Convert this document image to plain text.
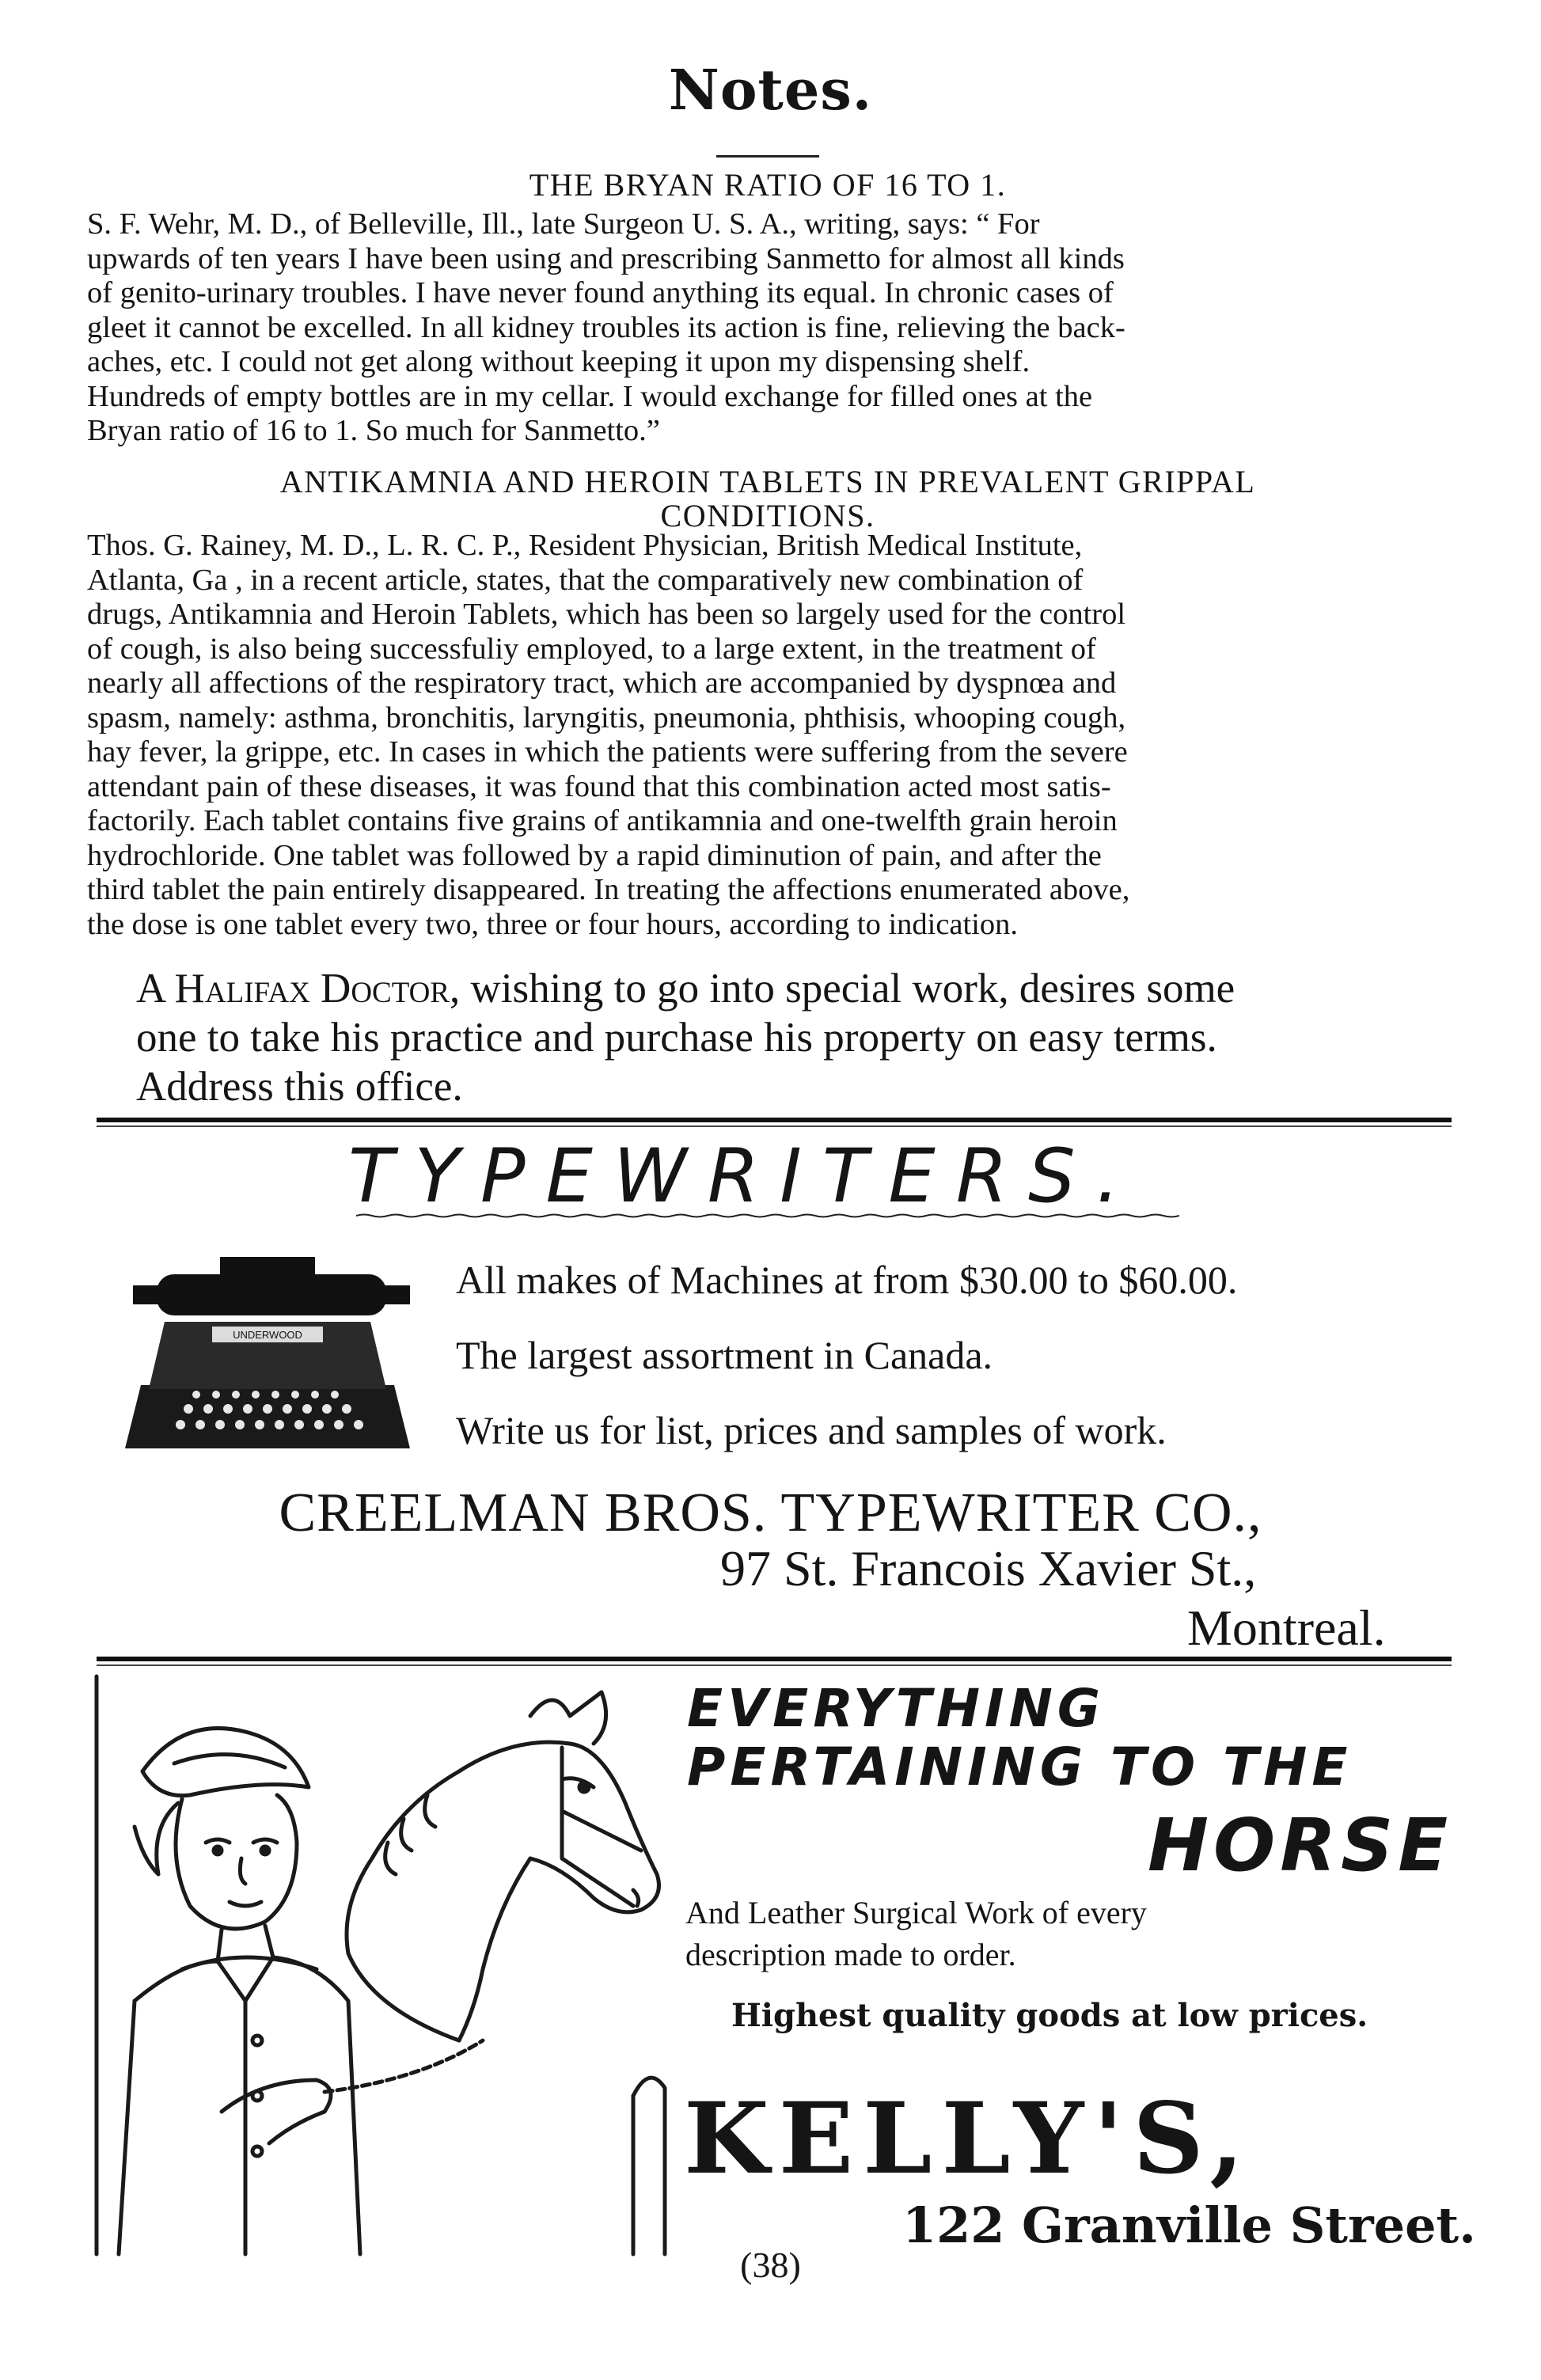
Notes.
THE BRYAN RATIO OF 16 TO 1.
S. F. Wehr, M. D., of Belleville, Ill., late Surgeon U. S. A., writing, says: “ For
upwards of ten years I have been using and prescribing Sanmetto for almost all kinds
of genito-urinary troubles. I have never found anything its equal. In chronic cases of
gleet it cannot be excelled. In all kidney troubles its action is fine, relieving the back-
aches, etc. I could not get along without keeping it upon my dispensing shelf.
Hundreds of empty bottles are in my cellar. I would exchange for filled ones at the
Bryan ratio of 16 to 1. So much for Sanmetto.”
ANTIKAMNIA AND HEROIN TABLETS IN PREVALENT GRIPPAL
CONDITIONS.
Thos. G. Rainey, M. D., L. R. C. P., Resident Physician, British Medical Institute,
Atlanta, Ga , in a recent article, states, that the comparatively new combination of
drugs, Antikamnia and Heroin Tablets, which has been so largely used for the control
of cough, is also being successfuliy employed, to a large extent, in the treatment of
nearly all affections of the respiratory tract, which are accompanied by dyspnœa and
spasm, namely: asthma, bronchitis, laryngitis, pneumonia, phthisis, whooping cough,
hay fever, la grippe, etc. In cases in which the patients were suffering from the severe
attendant pain of these diseases, it was found that this combination acted most satis-
factorily. Each tablet contains five grains of antikamnia and one-twelfth grain heroin
hydrochloride. One tablet was followed by a rapid diminution of pain, and after the
third tablet the pain entirely disappeared. In treating the affections enumerated above,
the dose is one tablet every two, three or four hours, according to indication.
A Halifax Doctor, wishing to go into special work, desires some
one to take his practice and purchase his property on easy terms.
Address this office.
TYPEWRITERS.
UNDERWOOD
All makes of Machines at from $30.00 to $60.00.
The largest assortment in Canada.
Write us for list, prices and samples of work.
CREELMAN BROS. TYPEWRITER CO.,
97 St. Francois Xavier St.,
Montreal.
EVERYTHING
PERTAINING TO THE
HORSE
And Leather Surgical Work of every
description made to order.
Highest quality goods at low prices.
KELLY'S,
122 Granville Street.
(38)
